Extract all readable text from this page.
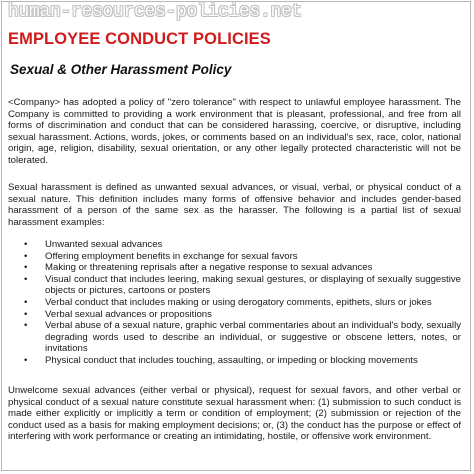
human-resources-policies.net
EMPLOYEE CONDUCT POLICIES
Sexual & Other Harassment Policy

<Company> has adopted a policy of "zero tolerance" with respect to unlawful employee harassment. The Company is committed to providing a work environment that is pleasant, professional, and free from all forms of discrimination and conduct that can be considered harassing, coercive, or disruptive, including sexual harassment. Actions, words, jokes, or comments based on an individual's sex, race, color, national origin, age, religion, disability, sexual orientation, or any other legally protected characteristic will not be tolerated.

Sexual harassment is defined as unwanted sexual advances, or visual, verbal, or physical conduct of a sexual nature. This definition includes many forms of offensive behavior and includes gender-based harassment of a person of the same sex as the harasser. The following is a partial list of sexual harassment examples:

• Unwanted sexual advances
• Offering employment benefits in exchange for sexual favors
• Making or threatening reprisals after a negative response to sexual advances
• Visual conduct that includes leering, making sexual gestures, or displaying of sexually suggestive objects or pictures, cartoons or posters
• Verbal conduct that includes making or using derogatory comments, epithets, slurs or jokes
• Verbal sexual advances or propositions
• Verbal abuse of a sexual nature, graphic verbal commentaries about an individual's body, sexually degrading words used to describe an individual, or suggestive or obscene letters, notes, or invitations
• Physical conduct that includes touching, assaulting, or impeding or blocking movements

Unwelcome sexual advances (either verbal or physical), request for sexual favors, and other verbal or physical conduct of a sexual nature constitute sexual harassment when: (1) submission to such conduct is made either explicitly or implicitly a term or condition of employment; (2) submission or rejection of the conduct used as a basis for making employment decisions; or, (3) the conduct has the purpose or effect of interfering with work performance or creating an intimidating, hostile, or offensive work environment.
